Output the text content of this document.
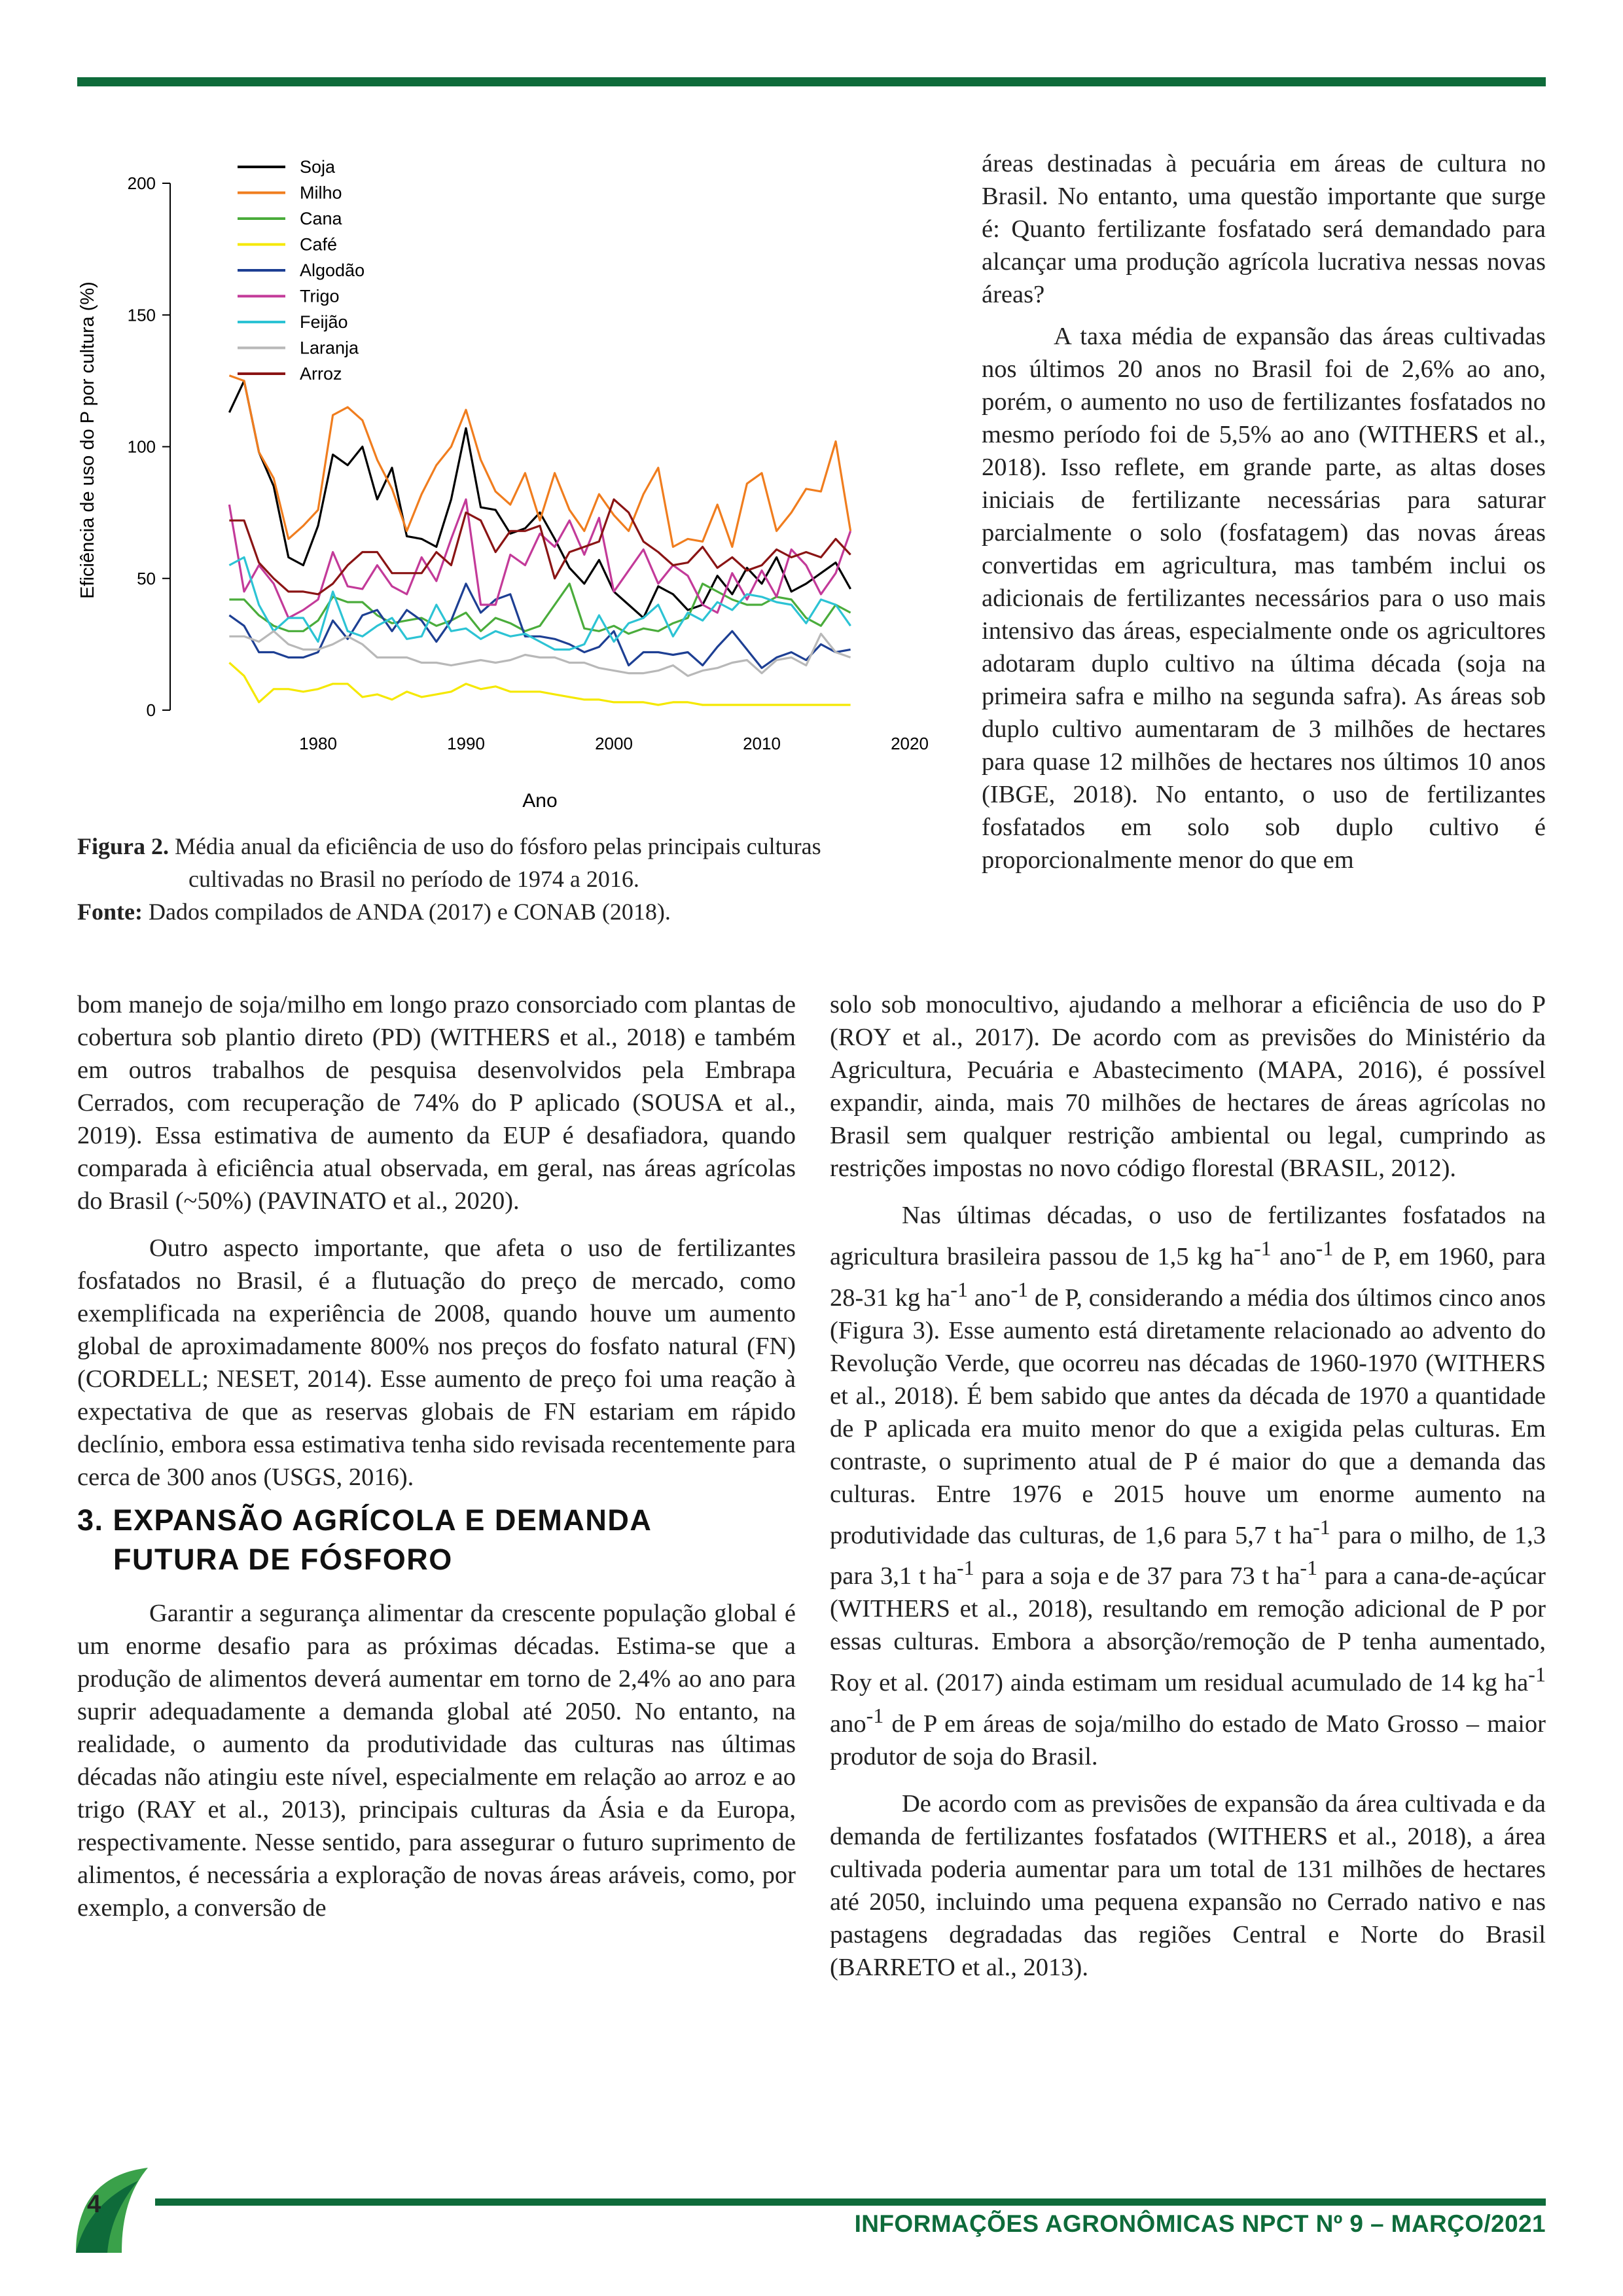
0
50
100
150
200
1980	1990	2000	2010	2020
Ano
Eficiência de uso do P por cultura (%)
Soja
Milho
Cana
Café
Algodão
Trigo
Feijão
Laranja
Arroz
Figura 2. Média anual da eficiência de uso do fósforo pelas principais culturas
cultivadas no Brasil no período de 1974 a 2016.
Fonte: Dados compilados de ANDA (2017) e CONAB (2018).

áreas destinadas à pecuária em áreas de cultura no Brasil. No entanto, uma questão importante que surge é: Quanto fertilizante fosfatado será demandado para alcançar uma produção agrícola lucrativa nessas novas áreas?

A taxa média de expansão das áreas cultivadas nos últimos 20 anos no Brasil foi de 2,6% ao ano, porém, o aumento no uso de fertilizantes fosfatados no mesmo período foi de 5,5% ao ano (WITHERS et al., 2018). Isso reflete, em grande parte, as altas doses iniciais de fertilizante necessárias para saturar parcialmente o solo (fosfatagem) das novas áreas convertidas em agricultura, mas também inclui os adicionais de fertilizantes necessários para o uso mais intensivo das áreas, especialmente onde os agricultores adotaram duplo cultivo na última década (soja na primeira safra e milho na segunda safra). As áreas sob duplo cultivo aumentaram de 3 milhões de hectares para quase 12 milhões de hectares nos últimos 10 anos (IBGE, 2018). No entanto, o uso de fertilizantes fosfatados em solo sob duplo cultivo é proporcionalmente menor do que em

solo sob monocultivo, ajudando a melhorar a eficiência de uso do P (ROY et al., 2017). De acordo com as previsões do Ministério da Agricultura, Pecuária e Abastecimento (MAPA, 2016), é possível expandir, ainda, mais 70 milhões de hectares de áreas agrícolas no Brasil sem qualquer restrição ambiental ou legal, cumprindo as restrições impostas no novo código florestal (BRASIL, 2012).

Nas últimas décadas, o uso de fertilizantes fosfatados na agricultura brasileira passou de 1,5 kg $ha^{-1}$ ano$^{-1}$ de P, em 1960, para 28-31 kg $ha^{-1}$ ano$^{-1}$ de P, considerando a média dos últimos cinco anos (Figura 3). Esse aumento está diretamente relacionado ao advento do Revolução Verde, que ocorreu nas décadas de 1960-1970 (WITHERS et al., 2018). É bem sabido que antes da década de 1970 a quantidade de P aplicada era muito menor do que a exigida pelas culturas. Em contraste, o suprimento atual de P é maior do que a demanda das culturas. Entre 1976 e 2015 houve um enorme aumento na produtividade das culturas, de 1,6 para 5,7 t $ha^{-1}$ para o milho, de 1,3 para 3,1 t $ha^{-1}$ para a soja e de 37 para 73 t $ha^{-1}$ para a cana-de-açúcar (WITHERS et al., 2018), resultando em remoção adicional de P por essas culturas. Embora a absorção/remoção de P tenha aumentado, Roy et al. (2017) ainda estimam um residual acumulado de 14 kg $ha^{-1}$ ano$^{-1}$ de P em áreas de soja/milho do estado de Mato Grosso – maior produtor de soja do Brasil.

De acordo com as previsões de expansão da área cultivada e da demanda de fertilizantes fosfatados (WITHERS et al., 2018), a área cultivada poderia aumentar para um total de 131 milhões de hectares até 2050, incluindo uma pequena expansão no Cerrado nativo e nas pastagens degradadas das regiões Central e Norte do Brasil (BARRETO et al., 2013).

bom manejo de soja/milho em longo prazo consorciado com plantas de cobertura sob plantio direto (PD) (WITHERS et al., 2018) e também em outros trabalhos de pesquisa desenvolvidos pela Embrapa Cerrados, com recuperação de 74% do P aplicado (SOUSA et al., 2019). Essa estimativa de aumento da EUP é desafiadora, quando comparada à eficiência atual observada, em geral, nas áreas agrícolas do Brasil (~50%) (PAVINATO et al., 2020).

Outro aspecto importante, que afeta o uso de fertilizantes fosfatados no Brasil, é a flutuação do preço de mercado, como exemplificada na experiência de 2008, quando houve um aumento global de aproximadamente 800% nos preços do fosfato natural (FN) (CORDELL; NESET, 2014). Esse aumento de preço foi uma reação à expectativa de que as reservas globais de FN estariam em rápido declínio, embora essa estimativa tenha sido revisada recentemente para cerca de 300 anos (USGS, 2016).

3. EXPANSÃO AGRÍCOLA E DEMANDA
FUTURA DE FÓSFORO

Garantir a segurança alimentar da crescente população global é um enorme desafio para as próximas décadas. Estima-se que a produção de alimentos deverá aumentar em torno de 2,4% ao ano para suprir adequadamente a demanda global até 2050. No entanto, na realidade, o aumento da produtividade das culturas nas últimas décadas não atingiu este nível, especialmente em relação ao arroz e ao trigo (RAY et al., 2013), principais culturas da Ásia e da Europa, respectivamente. Nesse sentido, para assegurar o futuro suprimento de alimentos, é necessária a exploração de novas áreas aráveis, como, por exemplo, a conversão de

4
INFORMAÇÕES AGRONÔMICAS NPCT Nº 9 – MARÇO/2021
